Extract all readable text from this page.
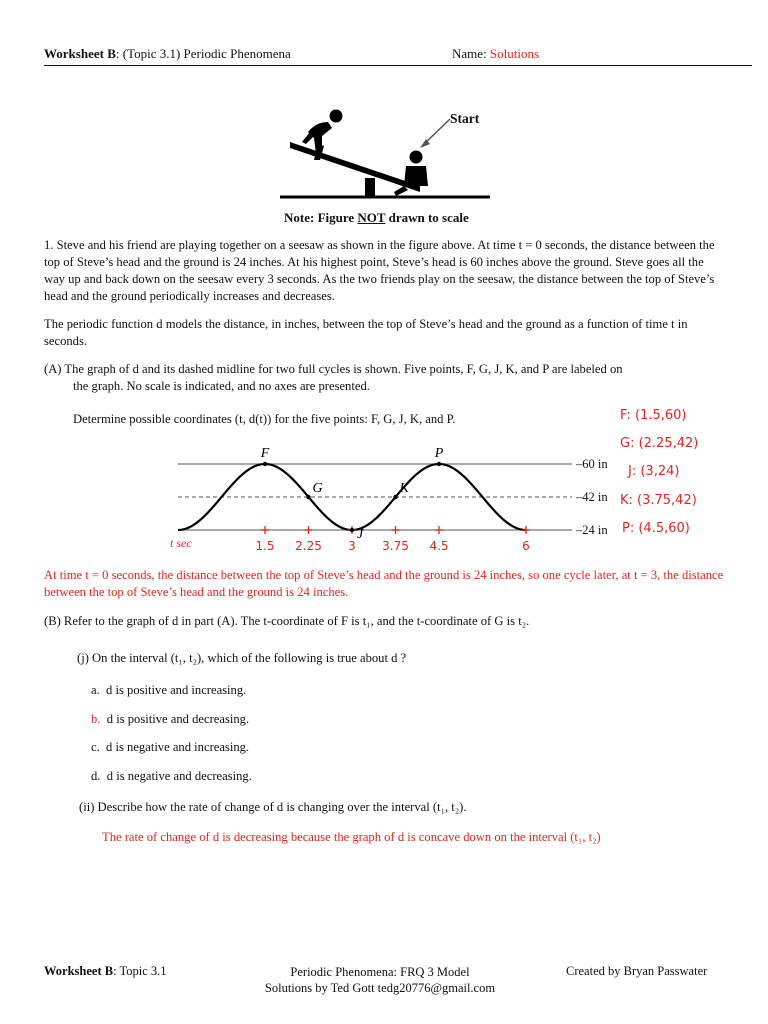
Worksheet B: (Topic 3.1) Periodic Phenomena	Name: Solutions
Start
Note: Figure NOT drawn to scale

1. Steve and his friend are playing together on a seesaw as shown in the figure above. At time t = 0 seconds, the distance between the top of Steve’s head and the ground is 24 inches. At his highest point, Steve’s head is 60 inches above the ground. Steve goes all the way up and back down on the seesaw every 3 seconds. As the two friends play on the seesaw, the distance between the top of Steve’s head and the ground periodically increases and decreases.

The periodic function d models the distance, in inches, between the top of Steve’s head and the ground as a function of time t in seconds.

(A) The graph of d and its dashed midline for two full cycles is shown. Five points, F, G, J, K, and P are labeled on
the graph. No scale is indicated, and no axes are presented.
Determine possible coordinates (t, d(t)) for the five points: F, G, J, K, and P.	F: (1.5,60)
G: (2.25,42)
J: (3,24)
K: (3.75,42)
P: (4.5,60)
–60 in
–42 in
–24 in
t sec	1.5 2.25 3 3.75 4.5	6
F
G
J
K
P

At time t = 0 seconds, the distance between the top of Steve’s head and the ground is 24 inches, so one cycle later, at t = 3, the distance between the top of Steve’s head and the ground is 24 inches.

(B) Refer to the graph of d in part (A). The t-coordinate of F is t₁, and the t-coordinate of G is t₂.

(j) On the interval (t₁, t₂), which of the following is true about d ?

a. d is positive and increasing.
b. d is positive and decreasing.
c. d is negative and increasing.
d. d is negative and decreasing.

(ii) Describe how the rate of change of d is changing over the interval (t₁, t₂).

The rate of change of d is decreasing because the graph of d is concave down on the interval (t₁, t₂)

Worksheet B: Topic 3.1	Periodic Phenomena: FRQ 3 Model
Solutions by Ted Gott tedg20776@gmail.com
Created by Bryan Passwater
